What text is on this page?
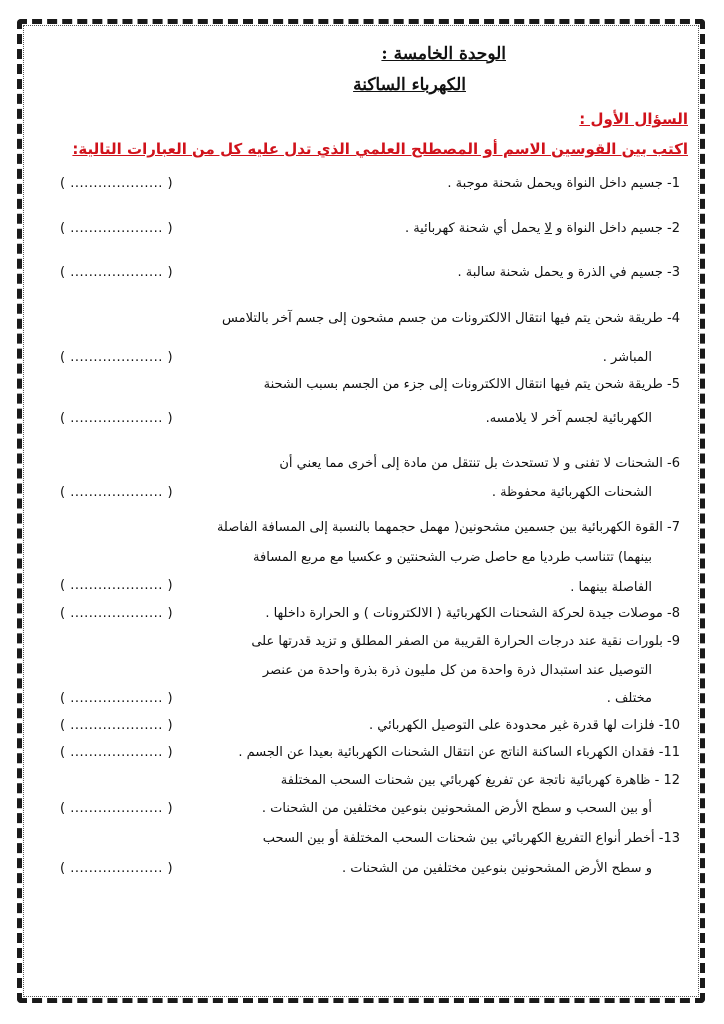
الوحدة الخامسة :
الكهرباء الساكنة
السؤال الأول :
اكتب بين القوسين الاسم أو المصطلح العلمي الذي تدل عليه كل من العبارات التالية:
1- جسيم داخل النواة ويحمل شحنة موجبة .
( .................... )
2- جسيم داخل النواة و لا يحمل أي شحنة كهربائية .
( .................... )
3- جسيم في الذرة و يحمل شحنة سالبة .
( .................... )
4- طريقة شحن يتم فيها انتقال الالكترونات من جسم مشحون إلى جسم آخر بالتلامس
المباشر .
( .................... )
5- طريقة شحن يتم فيها انتقال الالكترونات إلى جزء من الجسم بسبب الشحنة
الكهربائية لجسم آخر لا يلامسه.
( .................... )
6- الشحنات لا تفنى و لا تستحدث بل تنتقل من مادة إلى أخرى مما يعني أن
الشحنات الكهربائية محفوظة .
( .................... )
7- القوة الكهربائية بين جسمين مشحونين( مهمل حجمهما بالنسبة إلى المسافة الفاصلة
بينهما) تتناسب طرديا مع حاصل ضرب الشحنتين و عكسيا مع مربع المسافة
الفاصلة بينهما .
( .................... )
8- موصلات جيدة لحركة الشحنات الكهربائية ( الالكترونات ) و الحرارة داخلها .
( .................... )
9- بلورات نقية عند درجات الحرارة القريبة من الصفر المطلق و تزيد قدرتها على
التوصيل عند استبدال ذرة واحدة من كل مليون ذرة بذرة واحدة من عنصر
مختلف .
( .................... )
10- فلزات لها قدرة غير محدودة على التوصيل الكهربائي .
( .................... )
11- فقدان الكهرباء الساكنة الناتج عن انتقال الشحنات الكهربائية بعيدا عن الجسم .
( .................... )
12 - ظاهرة كهربائية ناتجة عن تفريغ كهربائي بين شحنات السحب المختلفة
أو بين السحب و سطح الأرض المشحونين بنوعين مختلفين من الشحنات .
( .................... )
13- أخطر أنواع التفريغ الكهربائي بين شحنات السحب المختلفة أو بين السحب
و سطح الأرض المشحونين بنوعين مختلفين من الشحنات .
( .................... )
